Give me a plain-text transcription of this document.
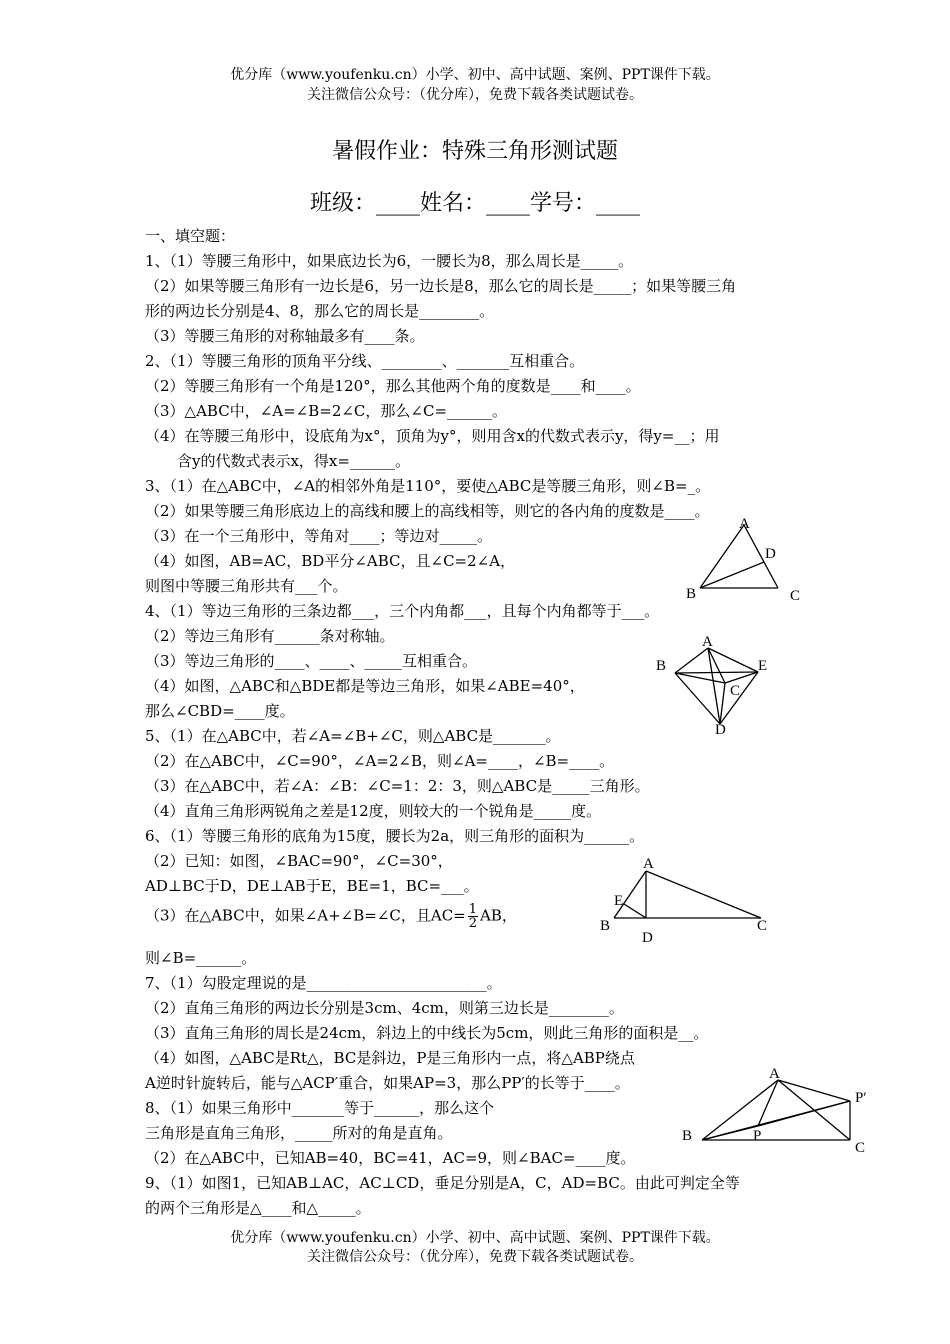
优分库（www.youfenku.cn）小学、初中、高中试题、案例、PPT课件下载。
关注微信公众号：（优分库），免费下载各类试题试卷。
暑假作业：特殊三角形测试题
班级：____姓名：____学号：____
一、填空题：
1、（1）等腰三角形中，如果底边长为6，一腰长为8，那么周长是_____。
（2）如果等腰三角形有一边长是6，另一边长是8，那么它的周长是_____；如果等腰三角
形的两边长分别是4、8，那么它的周长是________。
（3）等腰三角形的对称轴最多有____条。
2、（1）等腰三角形的顶角平分线、________、_______互相重合。
（2）等腰三角形有一个角是120°，那么其他两个角的度数是____和____。
（3）△ABC中，∠A=∠B=2∠C，那么∠C=______。
（4）在等腰三角形中，设底角为x°，顶角为y°，则用含x的代数式表示y，得y=__；用
含y的代数式表示x，得x=______。
3、（1）在△ABC中，∠A的相邻外角是110°，要使△ABC是等腰三角形，则∠B=_。
（2）如果等腰三角形底边上的高线和腰上的高线相等，则它的各内角的度数是____。
（3）在一个三角形中，等角对____；等边对_____。
（4）如图，AB=AC，BD平分∠ABC，且∠C=2∠A，
则图中等腰三角形共有___个。
4、（1）等边三角形的三条边都___，三个内角都___，且每个内角都等于___。
（2）等边三角形有______条对称轴。
（3）等边三角形的____、____、_____互相重合。
（4）如图，△ABC和△BDE都是等边三角形，如果∠ABE=40°，
那么∠CBD=____度。
5、（1）在△ABC中，若∠A=∠B+∠C，则△ABC是_______。
（2）在△ABC中，∠C=90°，∠A=2∠B，则∠A=____，∠B=____。
（3）在△ABC中，若∠A：∠B：∠C=1：2：3，则△ABC是_____三角形。
（4）直角三角形两锐角之差是12度，则较大的一个锐角是_____度。
6、（1）等腰三角形的底角为15度，腰长为2a，则三角形的面积为______。
（2）已知：如图，∠BAC=90°，∠C=30°，
AD⊥BC于D，DE⊥AB于E，BE=1，BC=___。
（3）在△ABC中，如果∠A+∠B=∠C，且$AC= \frac{1}{2}$ AB，
则∠B=______。
7、（1）勾股定理说的是________________________。
（2）直角三角形的两边长分别是3cm、4cm，则第三边长是________。
（3）直角三角形的周长是24cm，斜边上的中线长为5cm，则此三角形的面积是__。
（4）如图，△ABC是Rt△，BC是斜边，P是三角形内一点，将△ABP绕点
A逆时针旋转后，能与△ACP′重合，如果AP=3，那么PP′的长等于____。
8、（1）如果三角形中_______等于______，那么这个
三角形是直角三角形，_____所对的角是直角。
（2）在△ABC中，已知AB=40，BC=41，AC=9，则∠BAC=____度。
9、（1）如图1，已知AB⊥AC，AC⊥CD，垂足分别是A，C，AD=BC。由此可判定全等
的两个三角形是△____和△_____。
优分库（www.youfenku.cn）小学、初中、高中试题、案例、PPT课件下载。
关注微信公众号：（优分库），免费下载各类试题试卷。
A
D
B	C
A
B	E
C
D
A
E
B
D
C
A
P′
B	P
C
